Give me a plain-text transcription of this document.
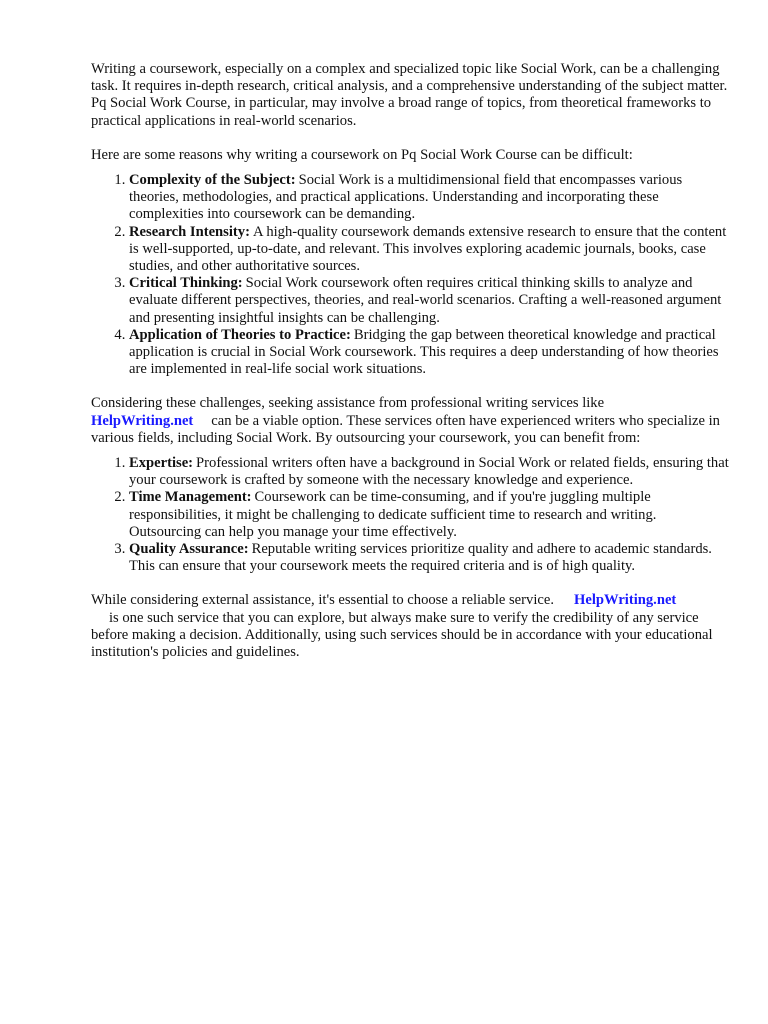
Writing a coursework, especially on a complex and specialized topic like Social Work, can be a challenging task. It requires in-depth research, critical analysis, and a comprehensive understanding of the subject matter. Pq Social Work Course, in particular, may involve a broad range of topics, from theoretical frameworks to practical applications in real-world scenarios.

Here are some reasons why writing a coursework on Pq Social Work Course can be difficult:

1. Complexity of the Subject: Social Work is a multidimensional field that encompasses various theories, methodologies, and practical applications. Understanding and incorporating these complexities into coursework can be demanding.
2. Research Intensity: A high-quality coursework demands extensive research to ensure that the content is well-supported, up-to-date, and relevant. This involves exploring academic journals, books, case studies, and other authoritative sources.
3. Critical Thinking: Social Work coursework often requires critical thinking skills to analyze and evaluate different perspectives, theories, and real-world scenarios. Crafting a well-reasoned argument and presenting insightful insights can be challenging.
4. Application of Theories to Practice: Bridging the gap between theoretical knowledge and practical application is crucial in Social Work coursework. This requires a deep understanding of how theories are implemented in real-life social work situations.

Considering these challenges, seeking assistance from professional writing services like
HelpWriting.net can be a viable option. These services often have experienced writers who specialize in various fields, including Social Work. By outsourcing your coursework, you can benefit from:

1. Expertise: Professional writers often have a background in Social Work or related fields, ensuring that your coursework is crafted by someone with the necessary knowledge and experience.
2. Time Management: Coursework can be time-consuming, and if you're juggling multiple responsibilities, it might be challenging to dedicate sufficient time to research and writing. Outsourcing can help you manage your time effectively.
3. Quality Assurance: Reputable writing services prioritize quality and adhere to academic standards. This can ensure that your coursework meets the required criteria and is of high quality.

While considering external assistance, it's essential to choose a reliable service. HelpWriting.net
is one such service that you can explore, but always make sure to verify the credibility of any service before making a decision. Additionally, using such services should be in accordance with your educational institution's policies and guidelines.
